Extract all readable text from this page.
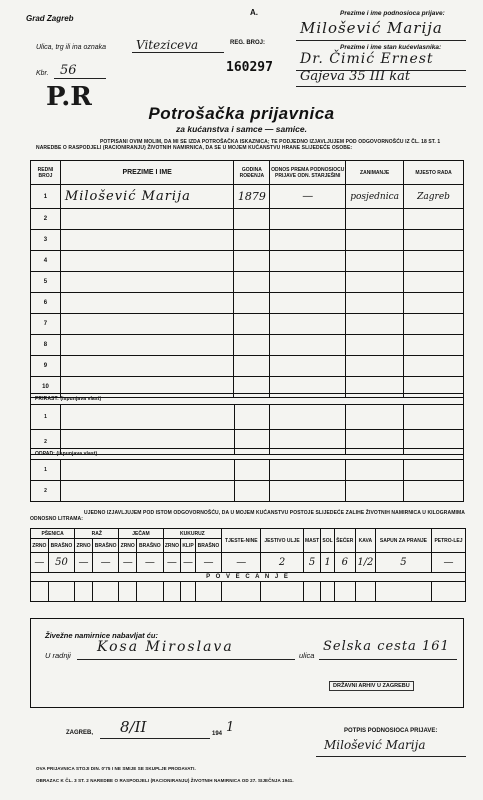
Grad Zagreb
A.
Ulica, trg ili ina oznaka Viteziceva
Kbr. 56
P.R
REG. BROJ:
160297
Prezime i ime podnosioca prijave:
Milošević Marija
Prezime i ime stan kućevlasnika:
Dr. Čimić Ernest
Gajeva 35 III kat
Potrošačka prijavnica
za kućanstva i samce — samice.
POTPISANI OVIM MOLIM, DA MI SE IZDA POTROŠAČKA ISKAZNICA; TE PODJEDNO IZJAVLJUJEM POD ODGOVORNOŠĆU IZ ČL. 18 ST. 1 NAREDBE O RASPODJELI (RACIONIRANJU) ŽIVOTNIH NAMIRNICA, DA SE U MOJEM KUĆANSTVU HRANE SLIJEDEĆE OSOBE:
REDNI BROJ	PREZIME I IME	GODINA ROĐENJA	ODNOS PREMA PODNOSIOCU PRIJAVE ODN. STARJEŠINI	ZANIMANJE	MJESTO RADA
1	Milošević Marija	1879	—	posjednica	Zagreb
2					
3					
4					
5					
6					
7					
8					
9					
10					
PRIRAST: (ispunjava vlast)
1					
2					
ODPAD: (ispunjava vlast)
1					
2					
UJEDNO IZJAVLJUJEM POD ISTOM ODGOVORNOŠĆU, DA U MOJEM KUĆANSTVU POSTOJE SLIJEDEĆE ZALIHE ŽIVOTNIH NAMIRNICA U KILOGRAMIMA ODNOSNO LITRAMA:
PŠENICA		RAŽ		JEČAM		KUKURUZ			TJESTE-NINE	JESTIVO ULJE	MAST	SOL	ŠEĆER	KAVA	SAPUN ZA PRANJE	PETRO-LEJ
ZRNO	BRAŠNO	ZRNO	BRAŠNO	ZRNO	BRAŠNO	ZRNO	KLIP	BRAŠNO								
—	50	—	—	—	—	—	—	—	—	2	5	1	6	1/2	5	—
P O V E Ć A N J E																

Živežne namirnice nabavljat ću:
U radnji
Kosa Miroslava
ulica
Selska cesta 161
DRŽAVNI ARHIV U ZAGREBU
ZAGREB, 8/II	194 1	POTPIS PODNOSIOCA PRIJAVE:
Milošević Marija
OVA PRIJAVNICA STOJI DIN. 0'75 I NE SMIJE SE SKUPLJE PRODAVATI.
OBRAZAC K ČL. 3 ST. 2 NAREDBE O RASPODJELI (RACIONIRANJU) ŽIVOTNIH NAMIRNICA OD 27. SIJEČNJA 1941.
